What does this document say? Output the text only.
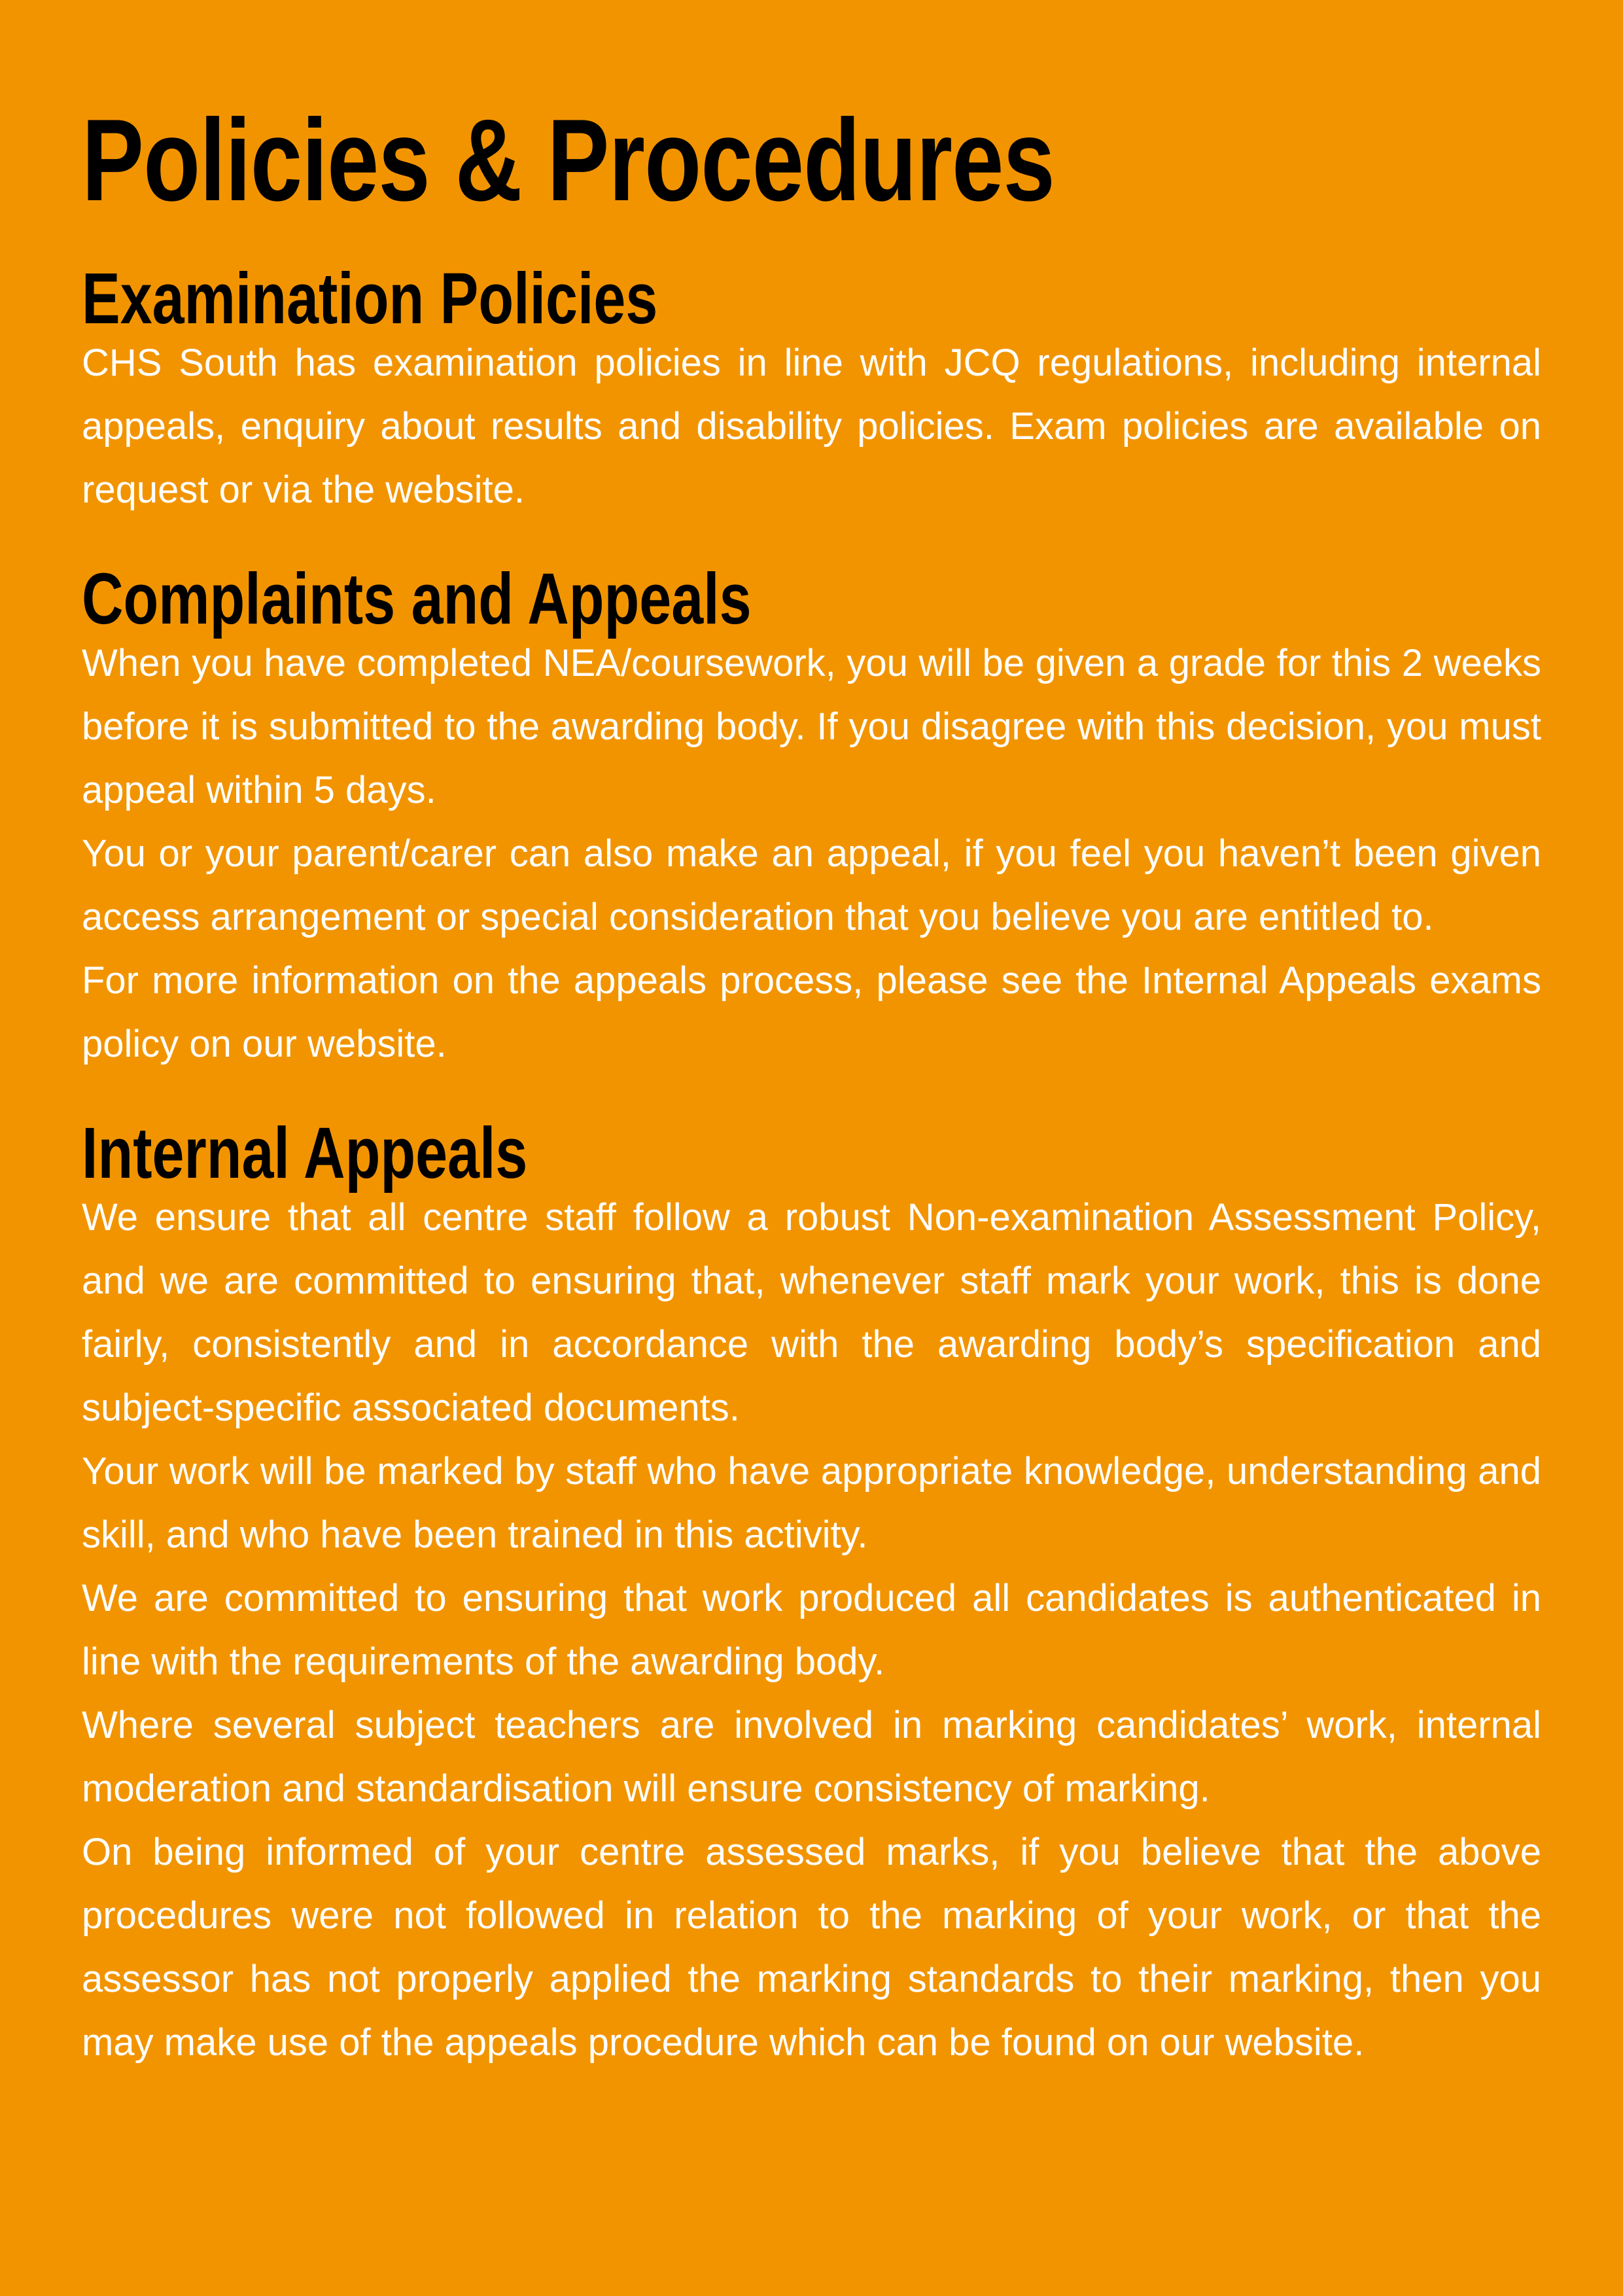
Policies & Procedures
Examination Policies

CHS South has examination policies in line with JCQ regulations, including internal appeals, enquiry about results and disability policies. Exam policies are available on request or via the website.

Complaints and Appeals

When you have completed NEA/coursework, you will be given a grade for this 2 weeks before it is submitted to the awarding body. If you disagree with this decision, you must appeal within 5 days.

You or your parent/carer can also make an appeal, if you feel you haven’t been given access arrangement or special consideration that you believe you are entitled to.

For more information on the appeals process, please see the Internal Appeals exams policy on our website.

Internal Appeals

We ensure that all centre staff follow a robust Non-examination Assessment Policy, and we are committed to ensuring that, whenever staff mark your work, this is done fairly, consistently and in accordance with the awarding body’s specification and subject-specific associated documents.

Your work will be marked by staff who have appropriate knowledge, understanding and skill, and who have been trained in this activity.

We are committed to ensuring that work produced all candidates is authenticated in line with the requirements of the awarding body.

Where several subject teachers are involved in marking candidates’ work, internal moderation and standardisation will ensure consistency of marking.

On being informed of your centre assessed marks, if you believe that the above procedures were not followed in relation to the marking of your work, or that the assessor has not properly applied the marking standards to their marking, then you may make use of the appeals procedure which can be found on our website.
